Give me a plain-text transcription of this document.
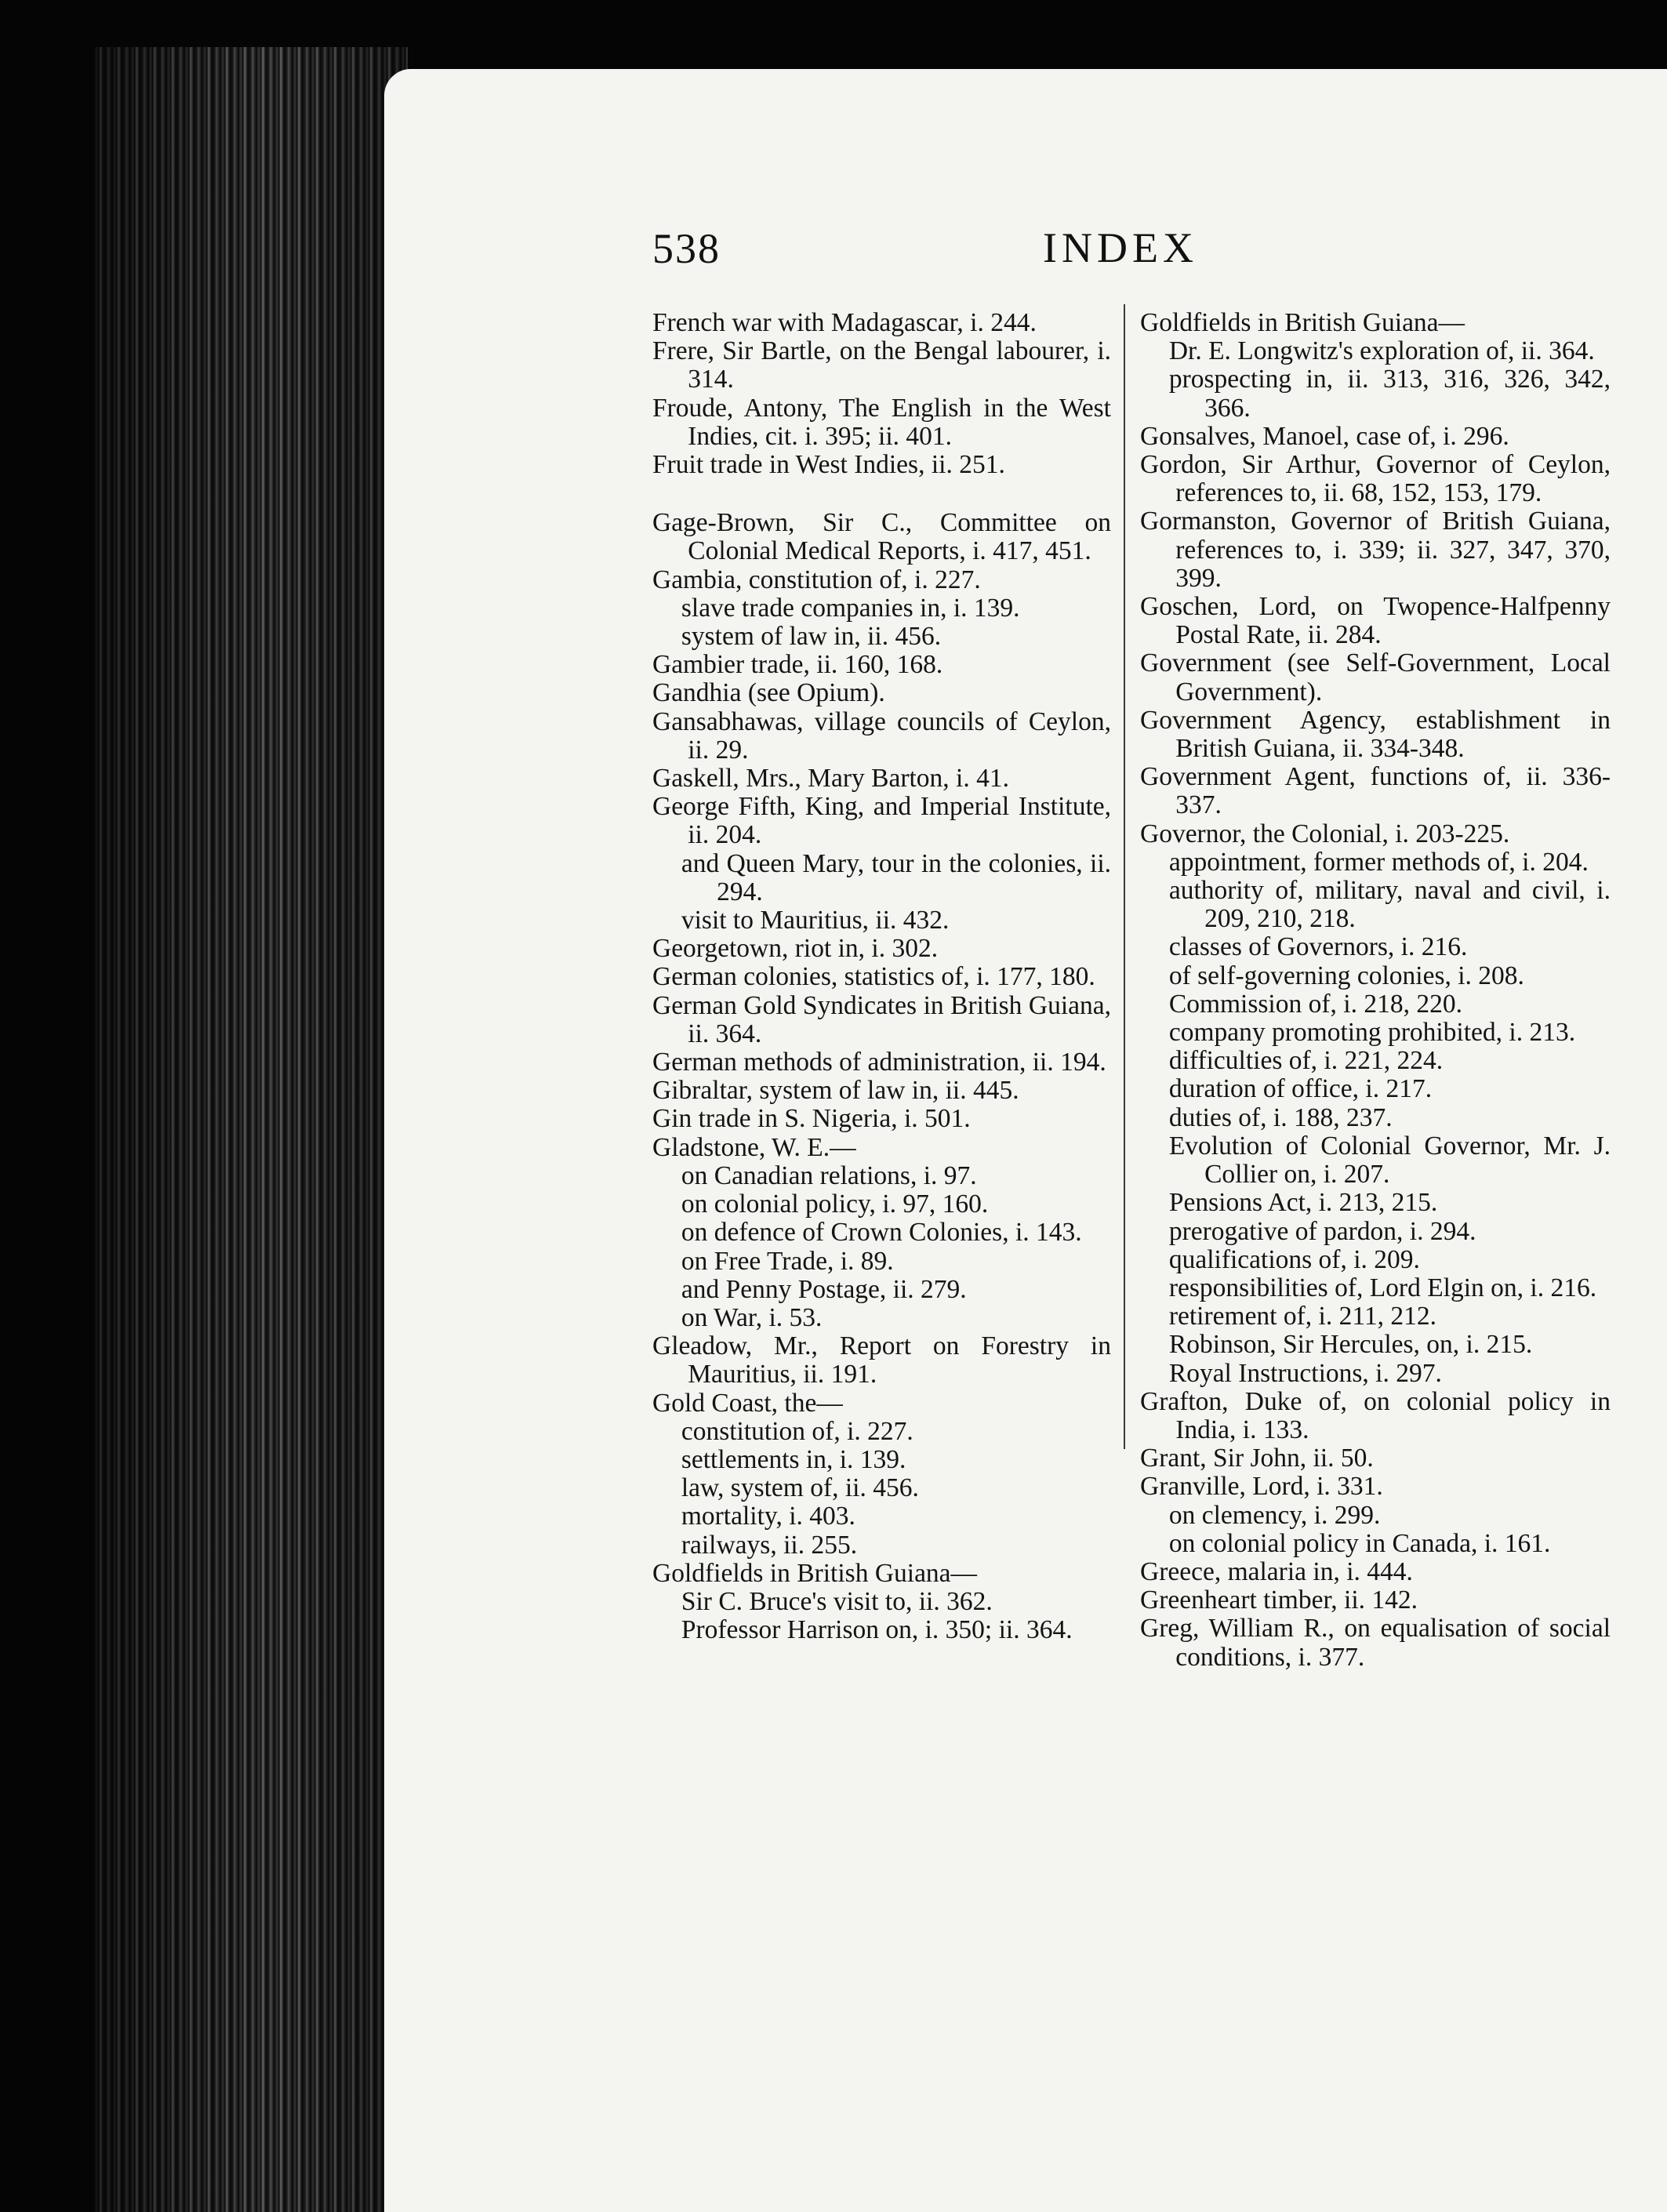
538	INDEX
French war with Madagascar, i. 244.
Frere, Sir Bartle, on the Bengal labourer, i. 314.
Froude, Antony, The English in the West Indies, cit. i. 395; ii. 401.
Fruit trade in West Indies, ii. 251.
Gage-Brown, Sir C., Committee on Colonial Medical Reports, i. 417, 451.
Gambia, constitution of, i. 227.
slave trade companies in, i. 139.
system of law in, ii. 456.
Gambier trade, ii. 160, 168.
Gandhia (see Opium).
Gansabhawas, village councils of Ceylon, ii. 29.
Gaskell, Mrs., Mary Barton, i. 41.
George Fifth, King, and Imperial Institute, ii. 204.
and Queen Mary, tour in the colonies, ii. 294.
visit to Mauritius, ii. 432.
Georgetown, riot in, i. 302.
German colonies, statistics of, i. 177, 180.
German Gold Syndicates in British Guiana, ii. 364.
German methods of administration, ii. 194.
Gibraltar, system of law in, ii. 445.
Gin trade in S. Nigeria, i. 501.
Gladstone, W. E.—
on Canadian relations, i. 97.
on colonial policy, i. 97, 160.
on defence of Crown Colonies, i. 143.
on Free Trade, i. 89.
and Penny Postage, ii. 279.
on War, i. 53.
Gleadow, Mr., Report on Forestry in Mauritius, ii. 191.
Gold Coast, the—
constitution of, i. 227.
settlements in, i. 139.
law, system of, ii. 456.
mortality, i. 403.
railways, ii. 255.
Goldfields in British Guiana—
Sir C. Bruce's visit to, ii. 362.
Professor Harrison on, i. 350; ii. 364.
Goldfields in British Guiana—
Dr. E. Longwitz's exploration of, ii. 364.
prospecting in, ii. 313, 316, 326, 342, 366.
Gonsalves, Manoel, case of, i. 296.
Gordon, Sir Arthur, Governor of Ceylon, references to, ii. 68, 152, 153, 179.
Gormanston, Governor of British Guiana, references to, i. 339; ii. 327, 347, 370, 399.
Goschen, Lord, on Twopence-Halfpenny Postal Rate, ii. 284.
Government (see Self-Government, Local Government).
Government Agency, establishment in British Guiana, ii. 334-348.
Government Agent, functions of, ii. 336-337.
Governor, the Colonial, i. 203-225.
appointment, former methods of, i. 204.
authority of, military, naval and civil, i. 209, 210, 218.
classes of Governors, i. 216.
of self-governing colonies, i. 208.
Commission of, i. 218, 220.
company promoting prohibited, i. 213.
difficulties of, i. 221, 224.
duration of office, i. 217.
duties of, i. 188, 237.
Evolution of Colonial Governor, Mr. J. Collier on, i. 207.
Pensions Act, i. 213, 215.
prerogative of pardon, i. 294.
qualifications of, i. 209.
responsibilities of, Lord Elgin on, i. 216.
retirement of, i. 211, 212.
Robinson, Sir Hercules, on, i. 215.
Royal Instructions, i. 297.
Grafton, Duke of, on colonial policy in India, i. 133.
Grant, Sir John, ii. 50.
Granville, Lord, i. 331.
on clemency, i. 299.
on colonial policy in Canada, i. 161.
Greece, malaria in, i. 444.
Greenheart timber, ii. 142.
Greg, William R., on equalisation of social conditions, i. 377.
